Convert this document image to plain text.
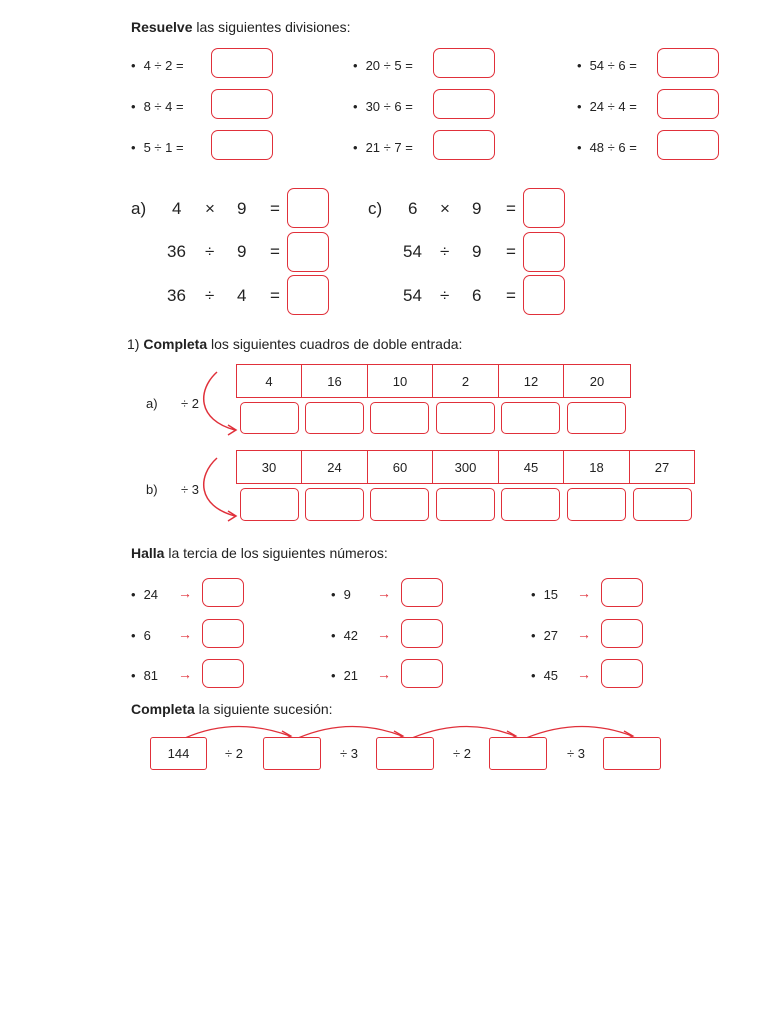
Resuelve las siguientes divisiones:
• 4 ÷ 2 =	• 20 ÷ 5 =	• 54 ÷ 6 =
• 8 ÷ 4 =	• 30 ÷ 6 =	• 24 ÷ 4 =
• 5 ÷ 1 =	• 21 ÷ 7 =	• 48 ÷ 6 =
a) 4 × 9 =
36 ÷ 9 =
36 ÷ 4 =
c) 6 × 9 =
54 ÷ 9 =
54 ÷ 6 =
1) Completa los siguientes cuadros de doble entrada:
a) ÷ 2
4	16	10	2	12	20
b) ÷ 3
30	24	60	300	45	18	27
Halla la tercia de los siguientes números:
• 24 →	• 9 →	• 15 →
• 6 →	• 42 →	• 27 →
• 81 →	• 21 →	• 45 →
Completa la siguiente sucesión:
144	÷ 2	÷ 3	÷ 2	÷ 3
